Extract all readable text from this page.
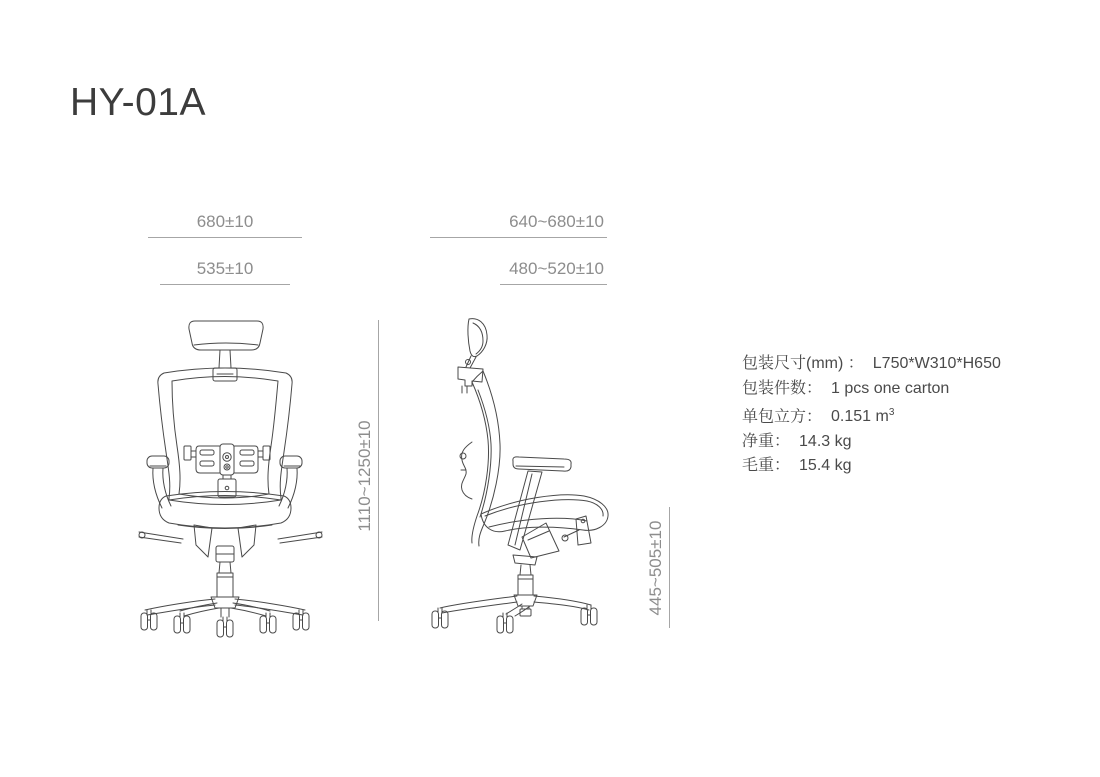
HY-01A
680±10
535±10
640~680±10
480~520±10
1110~1250±10
445~505±10
包装尺寸(mm) ： L750*W310*H650
包装件数： 1 pcs one carton
单包立方： 0.151 $m^3$
净重： 14.3 kg
毛重： 15.4 kg
